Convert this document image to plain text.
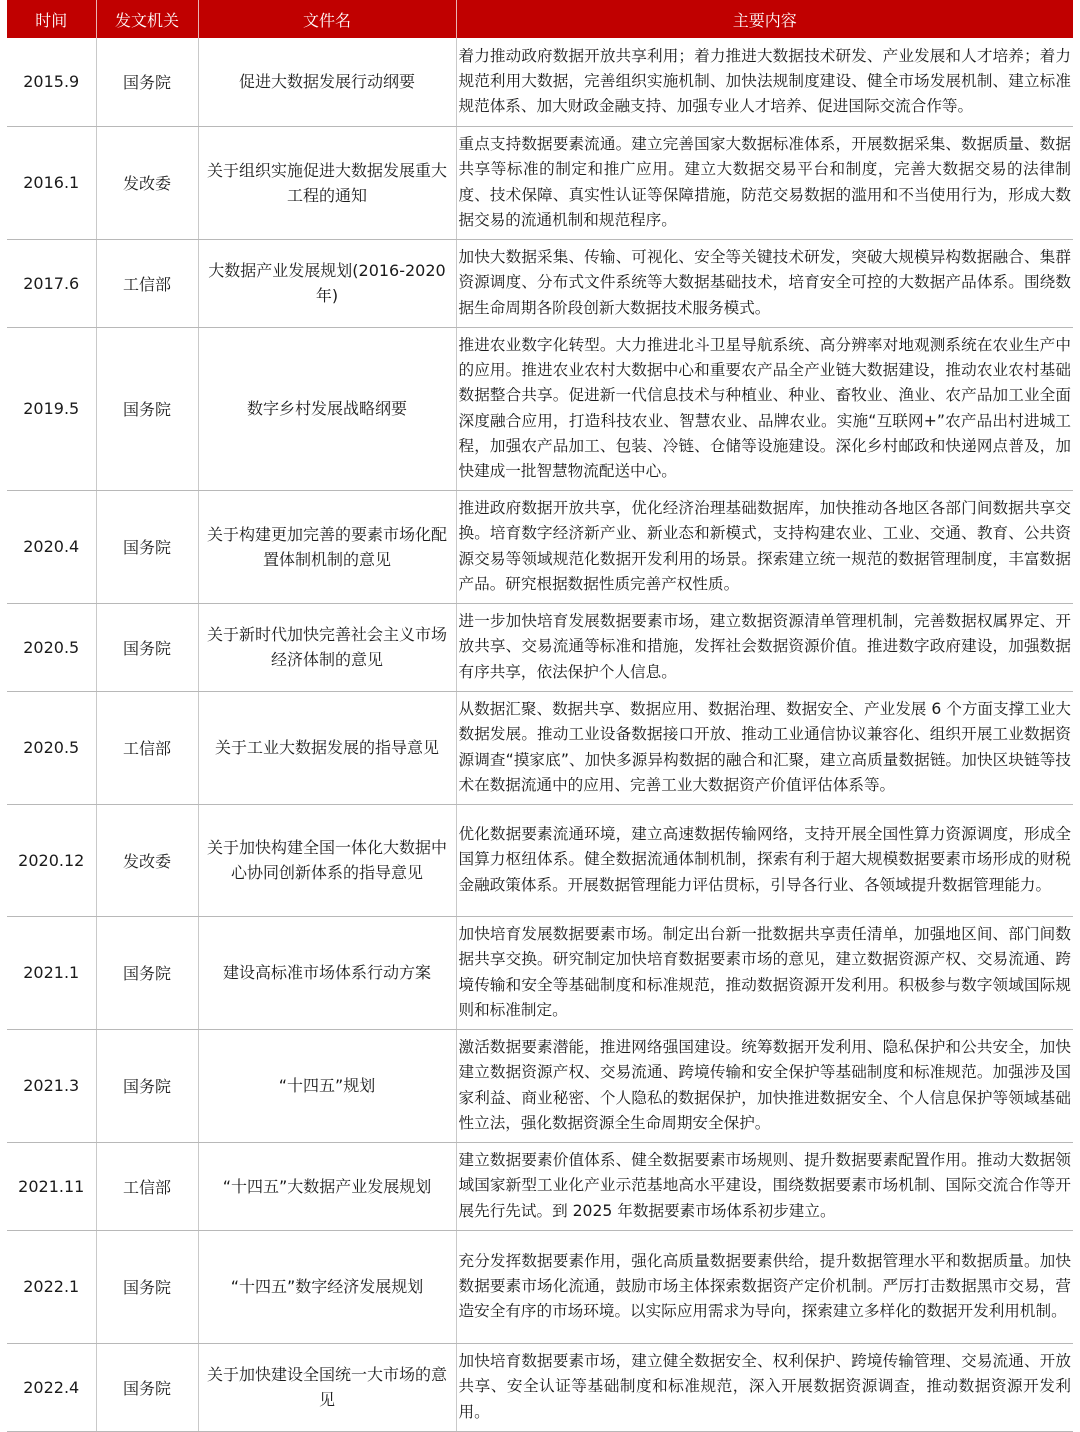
时间	发文机关	文件名	主要内容
2015.9	国务院	促进大数据发展行动纲要	着力推动政府数据开放共享利用；着力推进大数据技术研发、产业发展和人才培养；着力规范利用大数据，完善组织实施机制、加快法规制度建设、健全市场发展机制、建立标准规范体系、加大财政金融支持、加强专业人才培养、促进国际交流合作等。
2016.1	发改委	关于组织实施促进大数据发展重大工程的通知	重点支持数据要素流通。建立完善国家大数据标准体系，开展数据采集、数据质量、数据共享等标准的制定和推广应用。建立大数据交易平台和制度，完善大数据交易的法律制度、技术保障、真实性认证等保障措施，防范交易数据的滥用和不当使用行为，形成大数据交易的流通机制和规范程序。
2017.6	工信部	大数据产业发展规划(2016-2020年)	加快大数据采集、传输、可视化、安全等关键技术研发，突破大规模异构数据融合、集群资源调度、分布式文件系统等大数据基础技术，培育安全可控的大数据产品体系。围绕数据生命周期各阶段创新大数据技术服务模式。
2019.5	国务院	数字乡村发展战略纲要	推进农业数字化转型。大力推进北斗卫星导航系统、高分辨率对地观测系统在农业生产中的应用。推进农业农村大数据中心和重要农产品全产业链大数据建设，推动农业农村基础数据整合共享。促进新一代信息技术与种植业、种业、畜牧业、渔业、农产品加工业全面深度融合应用，打造科技农业、智慧农业、品牌农业。实施“互联网+”农产品出村进城工程，加强农产品加工、包装、冷链、仓储等设施建设。深化乡村邮政和快递网点普及，加快建成一批智慧物流配送中心。
2020.4	国务院	关于构建更加完善的要素市场化配置体制机制的意见	推进政府数据开放共享，优化经济治理基础数据库，加快推动各地区各部门间数据共享交换。培育数字经济新产业、新业态和新模式，支持构建农业、工业、交通、教育、公共资源交易等领域规范化数据开发利用的场景。探索建立统一规范的数据管理制度，丰富数据产品。研究根据数据性质完善产权性质。
2020.5	国务院	关于新时代加快完善社会主义市场经济体制的意见	进一步加快培育发展数据要素市场，建立数据资源清单管理机制，完善数据权属界定、开放共享、交易流通等标准和措施，发挥社会数据资源价值。推进数字政府建设，加强数据有序共享，依法保护个人信息。
2020.5	工信部	关于工业大数据发展的指导意见	从数据汇聚、数据共享、数据应用、数据治理、数据安全、产业发展 6 个方面支撑工业大数据发展。推动工业设备数据接口开放、推动工业通信协议兼容化、组织开展工业数据资源调查“摸家底”、加快多源异构数据的融合和汇聚，建立高质量数据链。加快区块链等技术在数据流通中的应用、完善工业大数据资产价值评估体系等。
2020.12	发改委	关于加快构建全国一体化大数据中心协同创新体系的指导意见	优化数据要素流通环境，建立高速数据传输网络，支持开展全国性算力资源调度，形成全国算力枢纽体系。健全数据流通体制机制，探索有利于超大规模数据要素市场形成的财税金融政策体系。开展数据管理能力评估贯标，引导各行业、各领域提升数据管理能力。
2021.1	国务院	建设高标准市场体系行动方案	加快培育发展数据要素市场。制定出台新一批数据共享责任清单，加强地区间、部门间数据共享交换。研究制定加快培育数据要素市场的意见，建立数据资源产权、交易流通、跨境传输和安全等基础制度和标准规范，推动数据资源开发利用。积极参与数字领域国际规则和标准制定。
2021.3	国务院	“十四五”规划	激活数据要素潜能，推进网络强国建设。统筹数据开发利用、隐私保护和公共安全，加快建立数据资源产权、交易流通、跨境传输和安全保护等基础制度和标准规范。加强涉及国家利益、商业秘密、个人隐私的数据保护，加快推进数据安全、个人信息保护等领域基础性立法，强化数据资源全生命周期安全保护。
2021.11	工信部	“十四五”大数据产业发展规划	建立数据要素价值体系、健全数据要素市场规则、提升数据要素配置作用。推动大数据领域国家新型工业化产业示范基地高水平建设，围绕数据要素市场机制、国际交流合作等开展先行先试。到 2025 年数据要素市场体系初步建立。
2022.1	国务院	“十四五”数字经济发展规划	充分发挥数据要素作用，强化高质量数据要素供给，提升数据管理水平和数据质量。加快数据要素市场化流通，鼓励市场主体探索数据资产定价机制。严厉打击数据黑市交易，营造安全有序的市场环境。以实际应用需求为导向，探索建立多样化的数据开发利用机制。
2022.4	国务院	关于加快建设全国统一大市场的意见	加快培育数据要素市场，建立健全数据安全、权利保护、跨境传输管理、交易流通、开放共享、安全认证等基础制度和标准规范，深入开展数据资源调查，推动数据资源开发利用。
